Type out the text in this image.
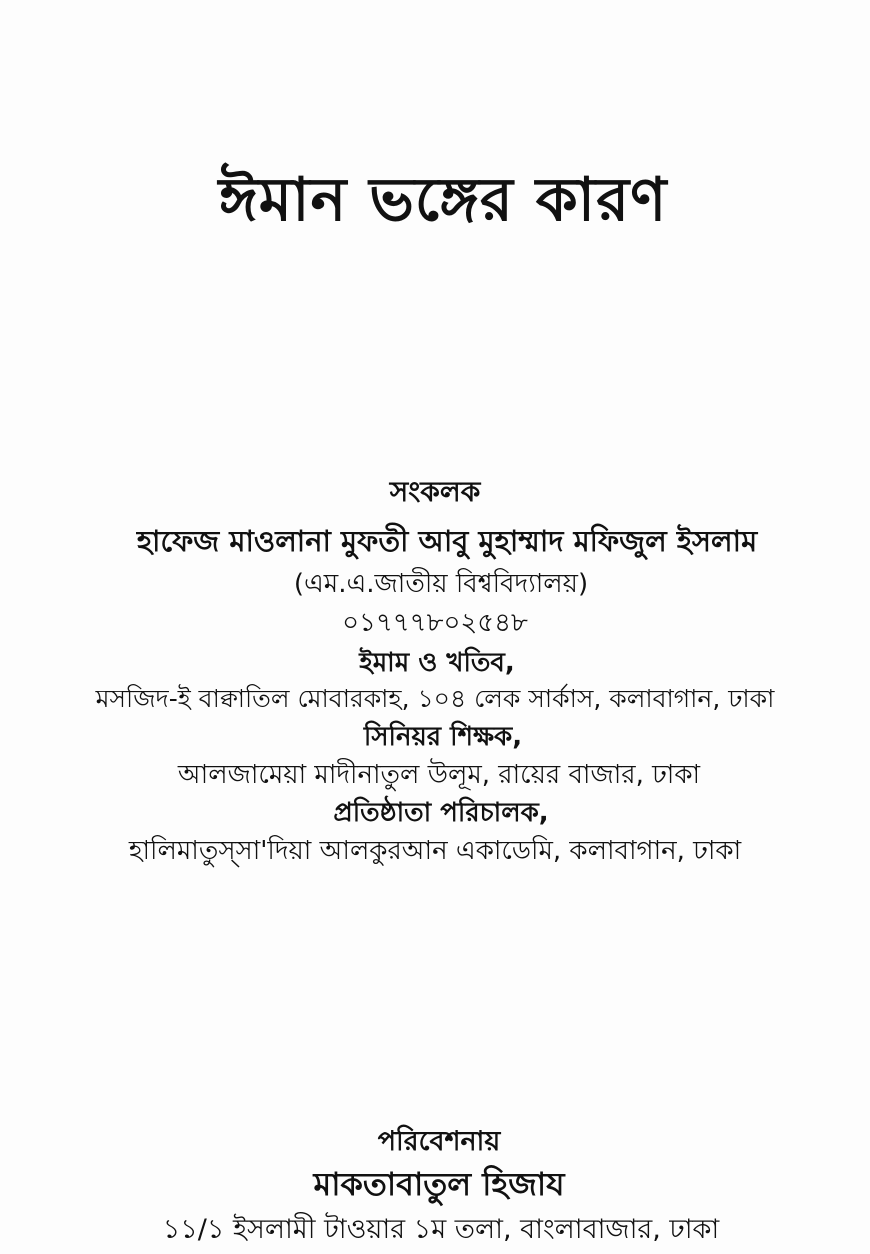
ঈমান ভঙ্গের কারণ
সংকলক
হাফেজ মাওলানা মুফতী আবু মুহাম্মাদ মফিজুল ইসলাম
(এম.এ.জাতীয় বিশ্ববিদ্যালয়)
০১৭৭৭৮০২৫৪৮
ইমাম ও খতিব,
মসজিদ-ই বাক্বাতিল মোবারকাহ, ১০৪ লেক সার্কাস, কলাবাগান, ঢাকা
সিনিয়র শিক্ষক,
আলজামেয়া মাদীনাতুল উলূম, রায়ের বাজার, ঢাকা
প্রতিষ্ঠাতা পরিচালক,
হালিমাতুস্সা'দিয়া আলকুরআন একাডেমি, কলাবাগান, ঢাকা
পরিবেশনায়
মাকতাবাতুল হিজায
১১/১ ইসলামী টাওয়ার ১ম তলা, বাংলাবাজার, ঢাকা
